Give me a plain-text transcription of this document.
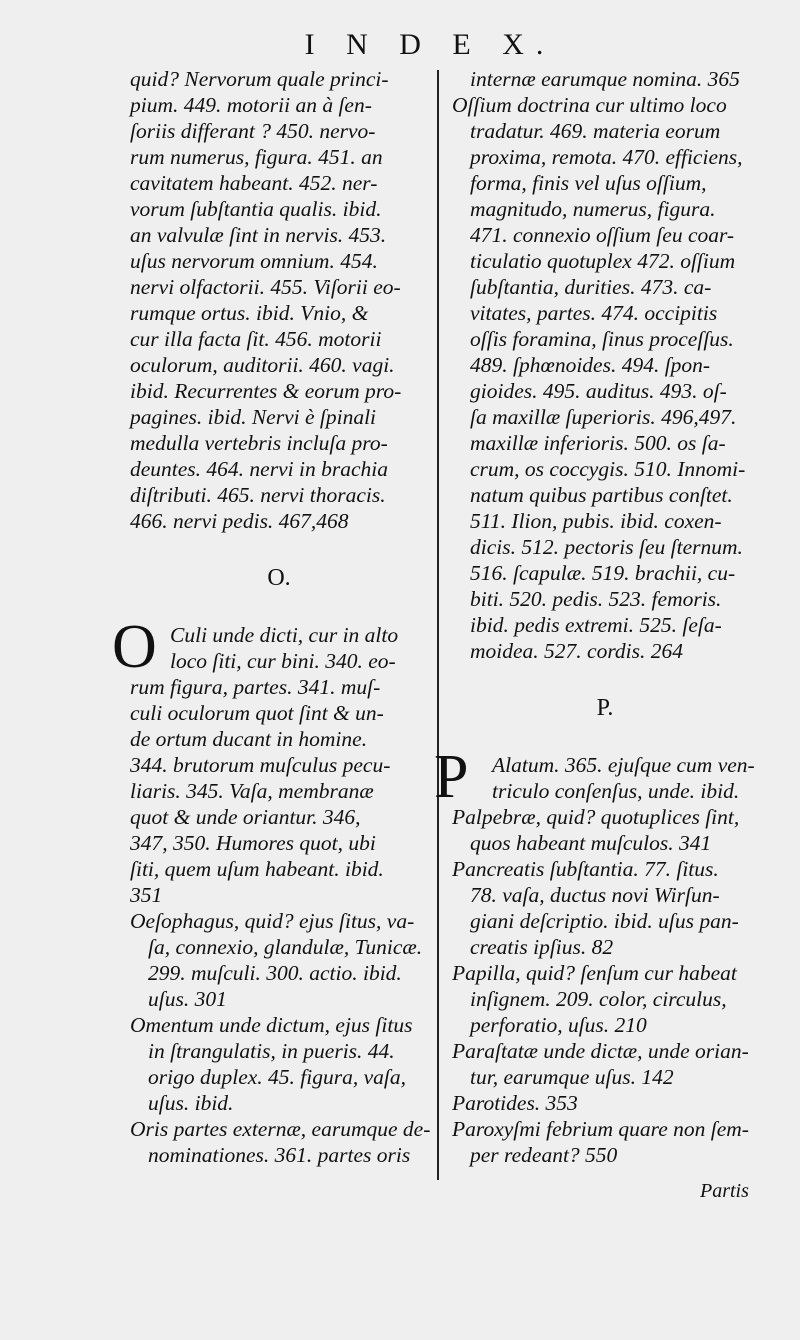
I N D E X.
quid? Nervorum quale princi-
pium. 449. motorii an à ſen-
ſoriis differant ? 450. nervo-
rum numerus, figura. 451. an
cavitatem habeant. 452. ner-
vorum ſubſtantia qualis. ibid.
an valvulæ ſint in nervis. 453.
uſus nervorum omnium. 454.
nervi olfactorii. 455. Viſorii eo-
rumque ortus. ibid. Vnio, &
cur illa facta ſit. 456. motorii
oculorum, auditorii. 460. vagi.
ibid. Recurrentes & eorum pro-
pagines. ibid. Nervi è ſpinali
medulla vertebris incluſa pro-
deuntes. 464. nervi in brachia
diſtributi. 465. nervi thoracis.
466. nervi pedis. 467,468
O.
O Culi unde dicti, cur in alto
loco ſiti, cur bini. 340. eo-
rum figura, partes. 341. muſ-
culi oculorum quot ſint & un-
de ortum ducant in homine.
344. brutorum muſculus pecu-
liaris. 345. Vaſa, membranæ
quot & unde oriantur. 346,
347, 350. Humores quot, ubi
ſiti, quem uſum habeant. ibid.
351
Oeſophagus, quid? ejus ſitus, va-
ſa, connexio, glandulæ, Tunicæ.
299. muſculi. 300. actio. ibid.
uſus. 301
Omentum unde dictum, ejus ſitus
in ſtrangulatis, in pueris. 44.
origo duplex. 45. figura, vaſa,
uſus. ibid.
Oris partes externæ, earumque de-
nominationes. 361. partes oris
internæ earumque nomina. 365
Oſſium doctrina cur ultimo loco
tradatur. 469. materia eorum
proxima, remota. 470. efficiens,
forma, finis vel uſus oſſium,
magnitudo, numerus, figura.
471. connexio oſſium ſeu coar-
ticulatio quotuplex 472. oſſium
ſubſtantia, durities. 473. ca-
vitates, partes. 474. occipitis
oſſis foramina, ſinus proceſſus.
489. ſphœnoides. 494. ſpon-
gioides. 495. auditus. 493. oſ-
ſa maxillæ ſuperioris. 496,497.
maxillæ inferioris. 500. os ſa-
crum, os coccygis. 510. Innomi-
natum quibus partibus conſtet.
511. Ilion, pubis. ibid. coxen-
dicis. 512. pectoris ſeu ſternum.
516. ſcapulæ. 519. brachii, cu-
biti. 520. pedis. 523. femoris.
ibid. pedis extremi. 525. ſeſa-
moidea. 527. cordis. 264
P.
P	Alatum. 365. ejuſque cum ven-
triculo conſenſus, unde. ibid.
Palpebræ, quid? quotuplices ſint,
quos habeant muſculos. 341
Pancreatis ſubſtantia. 77. ſitus.
78. vaſa, ductus novi Wirſun-
giani deſcriptio. ibid. uſus pan-
creatis ipſius. 82
Papilla, quid? ſenſum cur habeat
inſignem. 209. color, circulus,
perforatio, uſus. 210
Paraſtatæ unde dictæ, unde orian-
tur, earumque uſus. 142
Parotides. 353
Paroxyſmi febrium quare non ſem-
per redeant? 550
Partis
